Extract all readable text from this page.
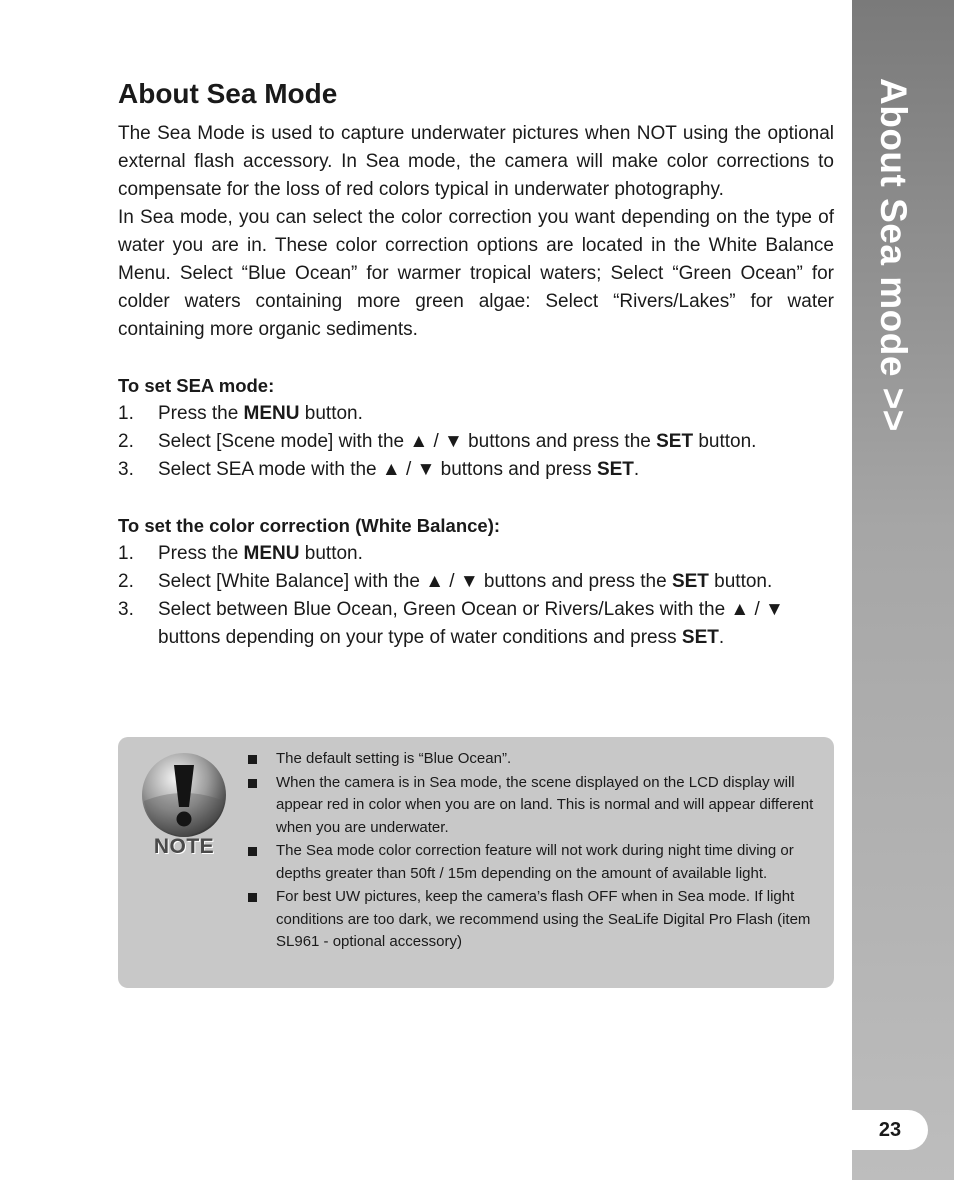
About Sea mode >>
23
About Sea Mode

The Sea Mode is used to capture underwater pictures when NOT using the optional external flash accessory. In Sea mode, the camera will make color corrections to compensate for the loss of red colors typical in underwater photography.

In Sea mode, you can select the color correction you want depending on the type of water you are in. These color correction options are located in the White Balance Menu. Select “Blue Ocean” for warmer tropical waters; Select “Green Ocean” for colder waters containing more green algae: Select “Rivers/Lakes” for water containing more organic sediments.

To set SEA mode:
1.	Press the MENU button.
2.	Select [Scene mode] with the ▲ / ▼ buttons and press the SET button.
3.	Select SEA mode with the ▲ / ▼ buttons and press SET.
To set the color correction (White Balance):
1.	Press the MENU button.
2.	Select [White Balance] with the ▲ / ▼ buttons and press the SET button.
3.	Select between Blue Ocean, Green Ocean or Rivers/Lakes with the ▲ / ▼ buttons depending on your type of water conditions and press SET.
NOTE
The default setting is “Blue Ocean”.
When the camera is in Sea mode, the scene displayed on the LCD display will appear red in color when you are on land. This is normal and will appear different when you are underwater.
The Sea mode color correction feature will not work during night time diving or depths greater than 50ft / 15m depending on the amount of available light.
For best UW pictures, keep the camera’s flash OFF when in Sea mode. If light conditions are too dark, we recommend using the SeaLife Digital Pro Flash (item SL961 - optional accessory)
